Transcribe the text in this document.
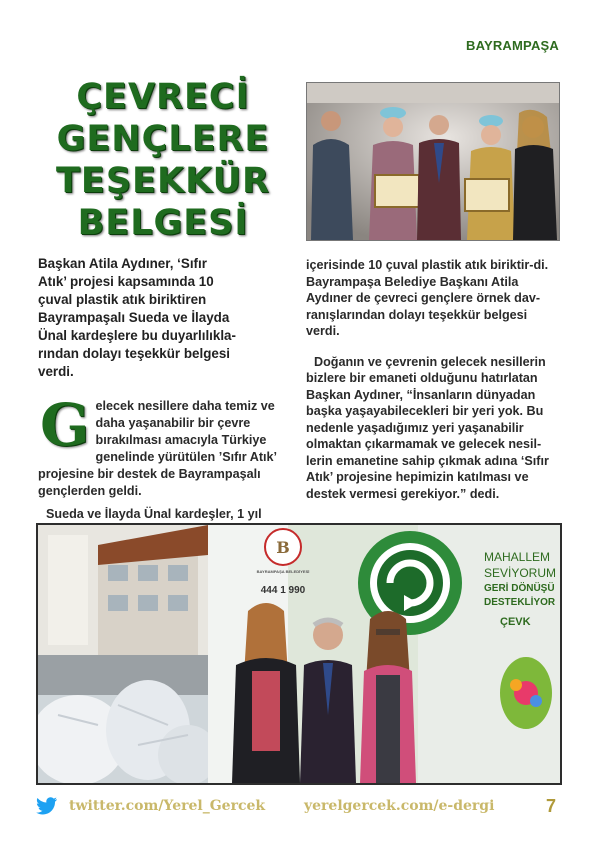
BAYRAMPAŞA
ÇEVRECİ
GENÇLERE
TEŞEKKÜR
BELGESİ
Başkan Atila Aydıner, ‘Sıfır
Atık’ projesi kapsamında 10
çuval plastik atık biriktiren
Bayrampaşalı Sueda ve İlayda
Ünal kardeşlere bu duyarlılıkla-
rından dolayı teşekkür belgesi
verdi.
G elecek nesillere daha temiz ve daha yaşanabilir bir çevre bırakılması amacıyla Türkiye genelinde yürütülen ’Sıfır Atık’ projesine bir destek de Bayrampaşalı gençlerden geldi.
Sueda ve İlayda Ünal kardeşler, 1 yıl
içerisinde 10 çuval plastik atık biriktir-di. Bayrampaşa Belediye Başkanı Atila Aydıner de çevreci gençlere örnek dav-ranışlarından dolayı teşekkür belgesi verdi.
Doğanın ve çevrenin gelecek nesillerin bizlere bir emaneti olduğunu hatırlatan Başkan Aydıner, “İnsanların dünyadan başka yaşayabilecekleri bir yeri yok. Bu nedenle yaşadığımız yeri yaşanabilir olmaktan çıkarmamak ve gelecek nesil-lerin emanetine sahip çıkmak adına ‘Sıfır Atık’ projesine hepimizin katılması ve destek vermesi gerekiyor.” dedi.
B
BAYRAMPAŞA BELEDİYESİ
444 1 990
MAHALLEM
SEVİYORUM
GERİ DÖNÜŞÜ
DESTEKLİYOR
ÇEVK
twitter.com/Yerel_Gercek	yerelgercek.com/e-dergi	7
